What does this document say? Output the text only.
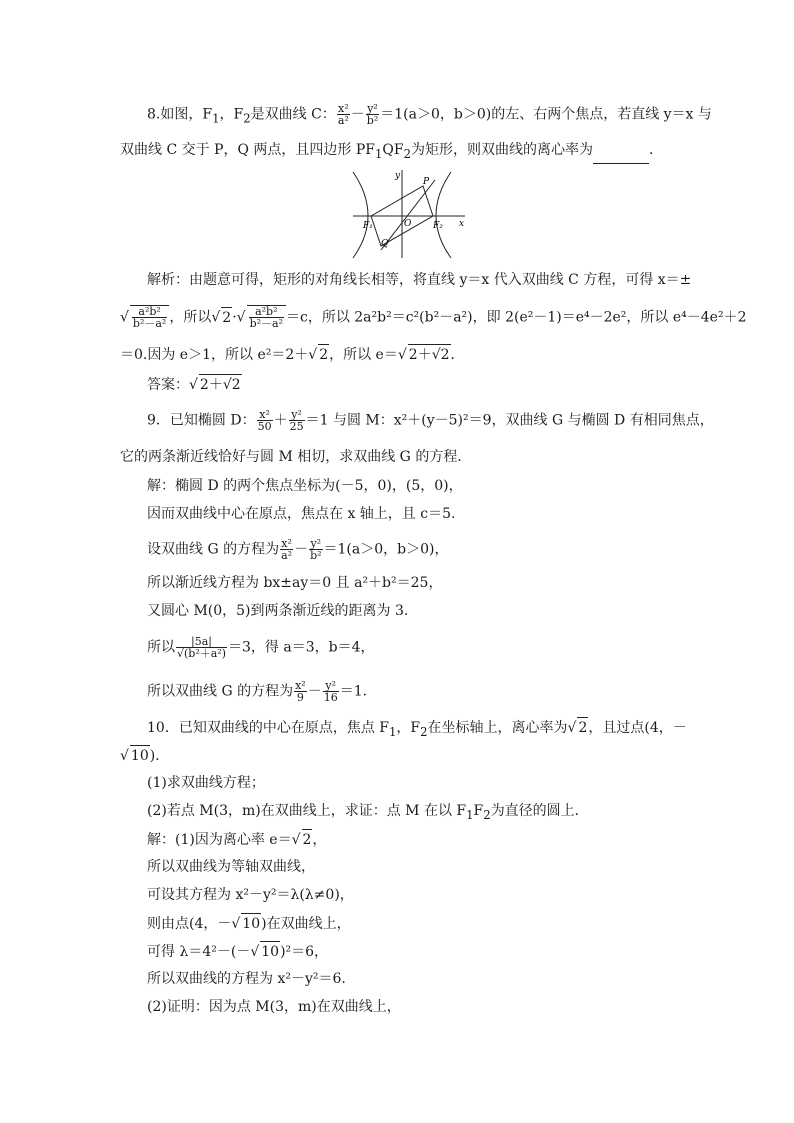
8.如图，$F_1$，$F_2$是双曲线 C： $\frac{\text{x²}}{\text{a²}} - \frac{\text{y²}}{\text{b²}} =1(a>0$，b＞0)的左、右两个焦点，若直线 y＝x 与
双曲线 C 交于 P，Q 两点，且四边形 $PF_1QF_2$为矩形，则双曲线的离心率为	．
F₁	F₂
O
P
Q
x
y
解析：由题意可得，矩形的对角线长相等，将直线 y＝x 代入双曲线 C 方程，可得 x＝±
√ $\frac{\text{a²b²}}{\text{b²－a²}}$ ，所以√ $2\cdot√ \frac{\text{a²b²}}{\text{b²－a²}} =c$，所以 2a²b²＝c²(b²－a²)，即 2(e²－1)＝e⁴－2e²，所以 e⁴－4e²＋2
＝0.因为 e＞1，所以 e²＝2＋√ 2，所以 e＝√ 2＋√2.
答案：√ 2＋√2
9．已知椭圆 D： $\frac{\text{x²}}{50} + \frac{\text{y²}}{25} =1$ 与圆 M：x²＋(y－5)²＝9，双曲线 G 与椭圆 D 有相同焦点，
它的两条渐近线恰好与圆 M 相切，求双曲线 G 的方程．
解：椭圆 D 的两个焦点坐标为(－5，0)，(5，0)，
因而双曲线中心在原点，焦点在 x 轴上，且 c＝5.
设双曲线 G 的方程为 $\frac{\text{x²}}{\text{a²}} - \frac{\text{y²}}{\text{b²}} =1(a>0$，b＞0)，
所以渐近线方程为 bx±ay＝0 且 a²＋b²＝25，
又圆心 M(0，5)到两条渐近线的距离为 3.
所以 $\frac{|5a|}{\text{√(b²＋a²)}} =3$，得 a＝3，b＝4，
所以双曲线 G 的方程为 $\frac{\text{x²}}{9} - \frac{\text{y²}}{16} =1$.
10．已知双曲线的中心在原点，焦点 $F_1$，$F_2$在坐标轴上，离心率为√ 2，且过点(4，－
√ 10)．
(1)求双曲线方程；
(2)若点 M(3，m)在双曲线上，求证：点 M 在以 $F_1F_2$为直径的圆上．
解：(1)因为离心率 e＝√ 2，
所以双曲线为等轴双曲线，
可设其方程为 x²－y²＝λ(λ≠0)，
则由点(4，－√ 10)在双曲线上，
可得 λ＝4²－(－√ 10)²＝6，
所以双曲线的方程为 x²－y²＝6.
(2)证明：因为点 M(3，m)在双曲线上，
